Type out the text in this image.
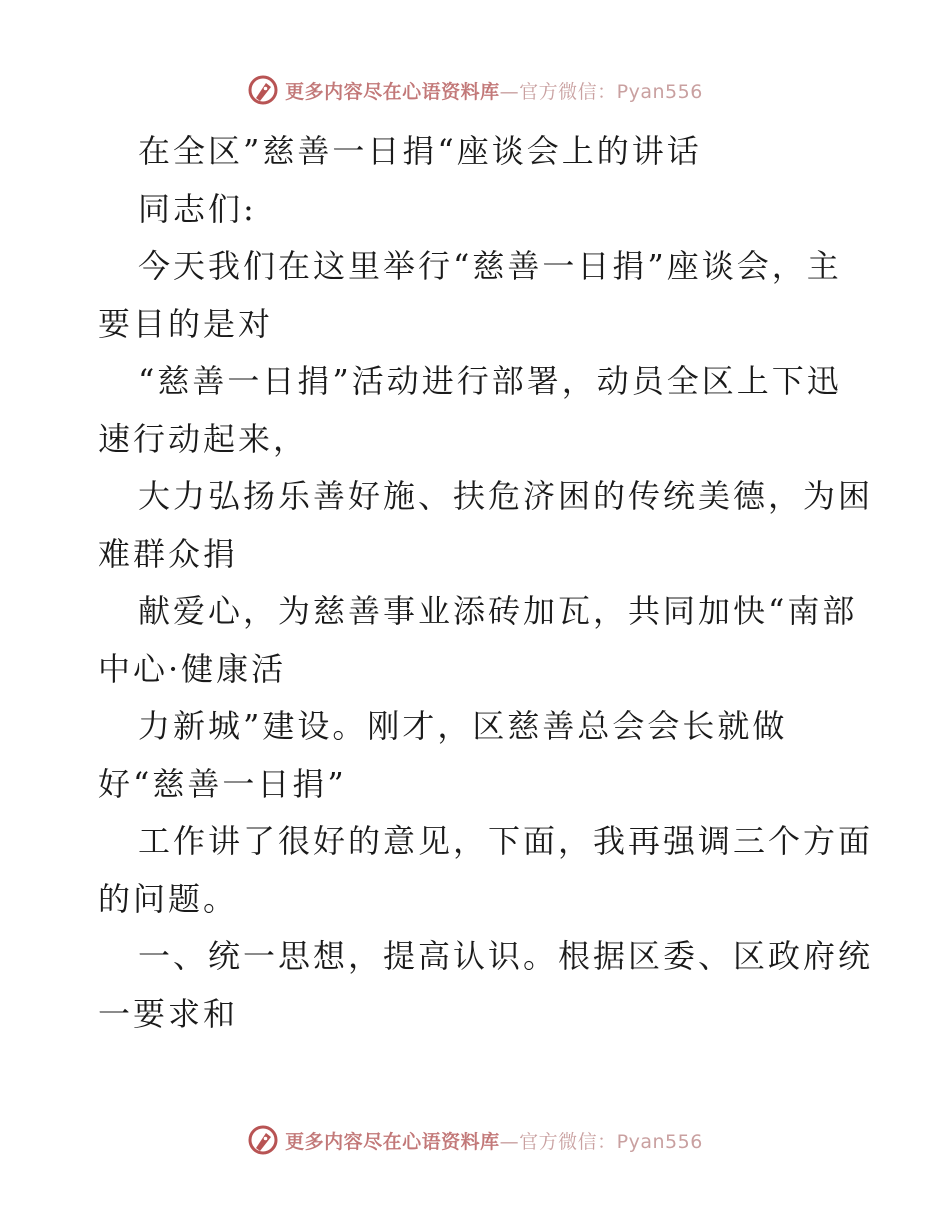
更多内容尽在心语资料库—官方微信：Pyan556
在全区”慈善一日捐“座谈会上的讲话
同志们:
今天我们在这里举行“慈善一日捐”座谈会，主
要目的是对
“慈善一日捐”活动进行部署，动员全区上下迅
速行动起来，
大力弘扬乐善好施、扶危济困的传统美德，为困
难群众捐
献爱心，为慈善事业添砖加瓦，共同加快“南部
中心·健康活
力新城”建设。刚才，区慈善总会会长就做
好“慈善一日捐”
工作讲了很好的意见，下面，我再强调三个方面
的问题。
一、统一思想，提高认识。根据区委、区政府统
一要求和
更多内容尽在心语资料库—官方微信：Pyan556
